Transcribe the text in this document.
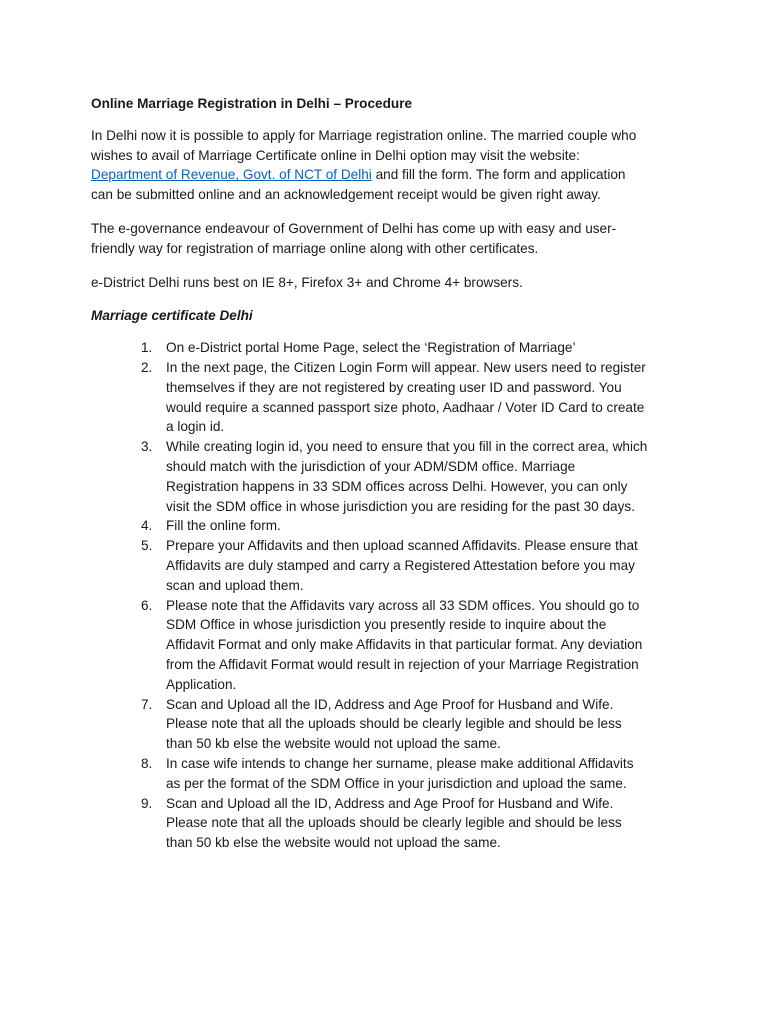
Online Marriage Registration in Delhi – Procedure

In Delhi now it is possible to apply for Marriage registration online. The married couple who wishes to avail of Marriage Certificate online in Delhi option may visit the website: Department of Revenue, Govt. of NCT of Delhi and fill the form. The form and application can be submitted online and an acknowledgement receipt would be given right away.

The e-governance endeavour of Government of Delhi has come up with easy and user-friendly way for registration of marriage online along with other certificates.

e-District Delhi runs best on IE 8+, Firefox 3+ and Chrome 4+ browsers.

Marriage certificate Delhi
1.	On e-District portal Home Page, select the ‘Registration of Marriage’
2.	In the next page, the Citizen Login Form will appear. New users need to register themselves if they are not registered by creating user ID and password. You would require a scanned passport size photo, Aadhaar / Voter ID Card to create a login id.
3.	While creating login id, you need to ensure that you fill in the correct area, which should match with the jurisdiction of your ADM/SDM office. Marriage Registration happens in 33 SDM offices across Delhi. However, you can only visit the SDM office in whose jurisdiction you are residing for the past 30 days.
4.	Fill the online form.
5.	Prepare your Affidavits and then upload scanned Affidavits. Please ensure that Affidavits are duly stamped and carry a Registered Attestation before you may scan and upload them.
6.	Please note that the Affidavits vary across all 33 SDM offices. You should go to SDM Office in whose jurisdiction you presently reside to inquire about the Affidavit Format and only make Affidavits in that particular format. Any deviation from the Affidavit Format would result in rejection of your Marriage Registration Application.
7.	Scan and Upload all the ID, Address and Age Proof for Husband and Wife. Please note that all the uploads should be clearly legible and should be less than 50 kb else the website would not upload the same.
8.	In case wife intends to change her surname, please make additional Affidavits as per the format of the SDM Office in your jurisdiction and upload the same.
9.	Scan and Upload all the ID, Address and Age Proof for Husband and Wife. Please note that all the uploads should be clearly legible and should be less than 50 kb else the website would not upload the same.
